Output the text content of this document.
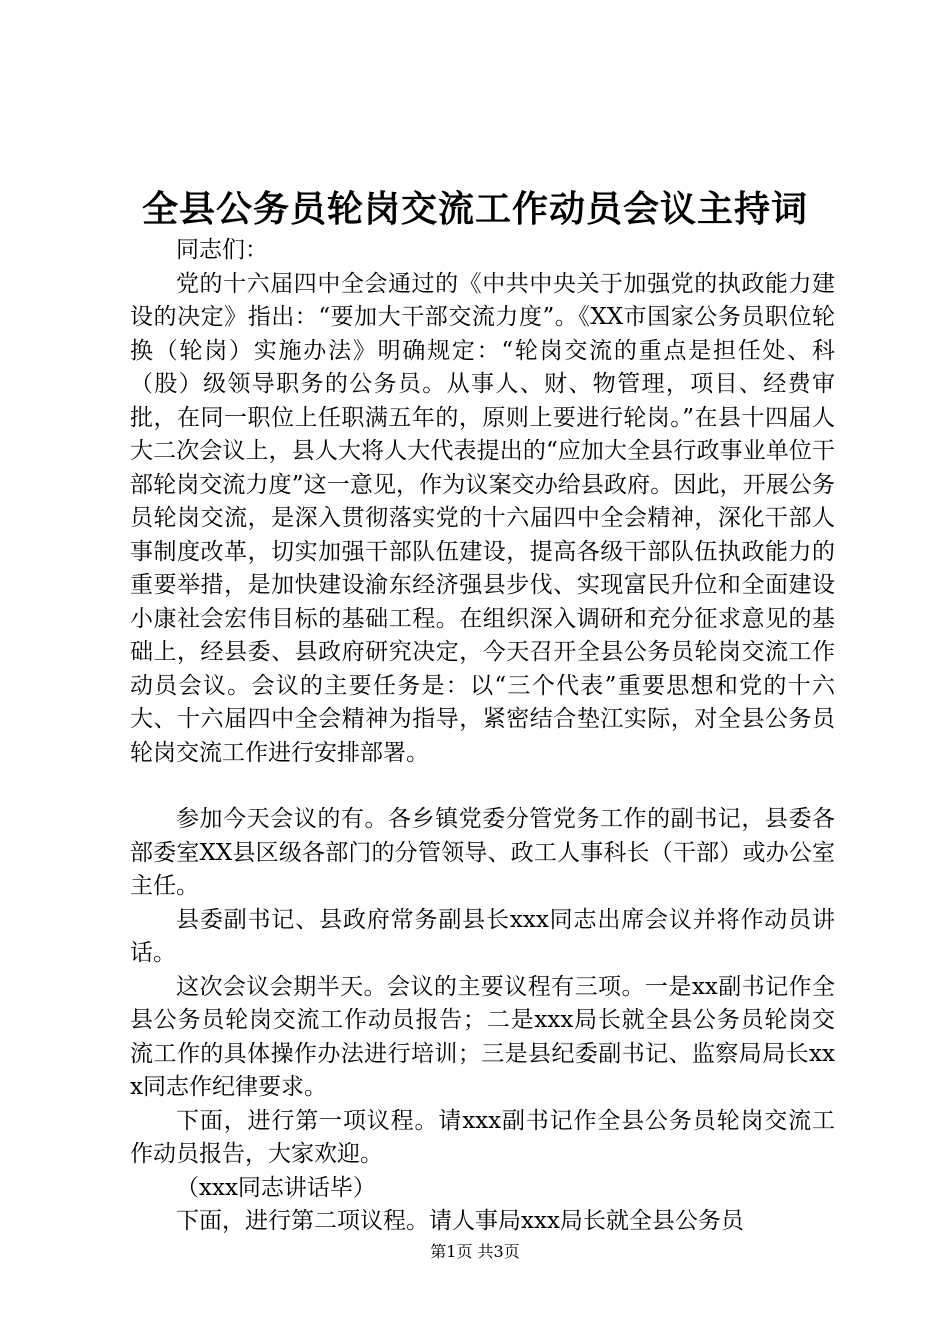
全县公务员轮岗交流工作动员会议主持词

同志们：

党的十六届四中全会通过的《中共中央关于加强党的执政能力建设的决定》指出：“要加大干部交流力度”。《XX市国家公务员职位轮换（轮岗）实施办法》明确规定：“轮岗交流的重点是担任处、科（股）级领导职务的公务员。从事人、财、物管理，项目、经费审批，在同一职位上任职满五年的，原则上要进行轮岗。”在县十四届人大二次会议上，县人大将人大代表提出的“应加大全县行政事业单位干部轮岗交流力度”这一意见，作为议案交办给县政府。因此，开展公务员轮岗交流，是深入贯彻落实党的十六届四中全会精神，深化干部人事制度改革，切实加强干部队伍建设，提高各级干部队伍执政能力的重要举措，是加快建设渝东经济强县步伐、实现富民升位和全面建设小康社会宏伟目标的基础工程。在组织深入调研和充分征求意见的基础上，经县委、县政府研究决定，今天召开全县公务员轮岗交流工作动员会议。会议的主要任务是：以“三个代表”重要思想和党的十六大、十六届四中全会精神为指导，紧密结合垫江实际，对全县公务员轮岗交流工作进行安排部署。

参加今天会议的有。各乡镇党委分管党务工作的副书记，县委各部委室XX县区级各部门的分管领导、政工人事科长（干部）或办公室主任。

县委副书记、县政府常务副县长xxx同志出席会议并将作动员讲话。

这次会议会期半天。会议的主要议程有三项。一是xx副书记作全县公务员轮岗交流工作动员报告；二是xxx局长就全县公务员轮岗交流工作的具体操作办法进行培训；三是县纪委副书记、监察局局长xxx同志作纪律要求。

下面，进行第一项议程。请xxx副书记作全县公务员轮岗交流工作动员报告，大家欢迎。

（xxx同志讲话毕）

下面，进行第二项议程。请人事局xxx局长就全县公务员

第1页 共3页
